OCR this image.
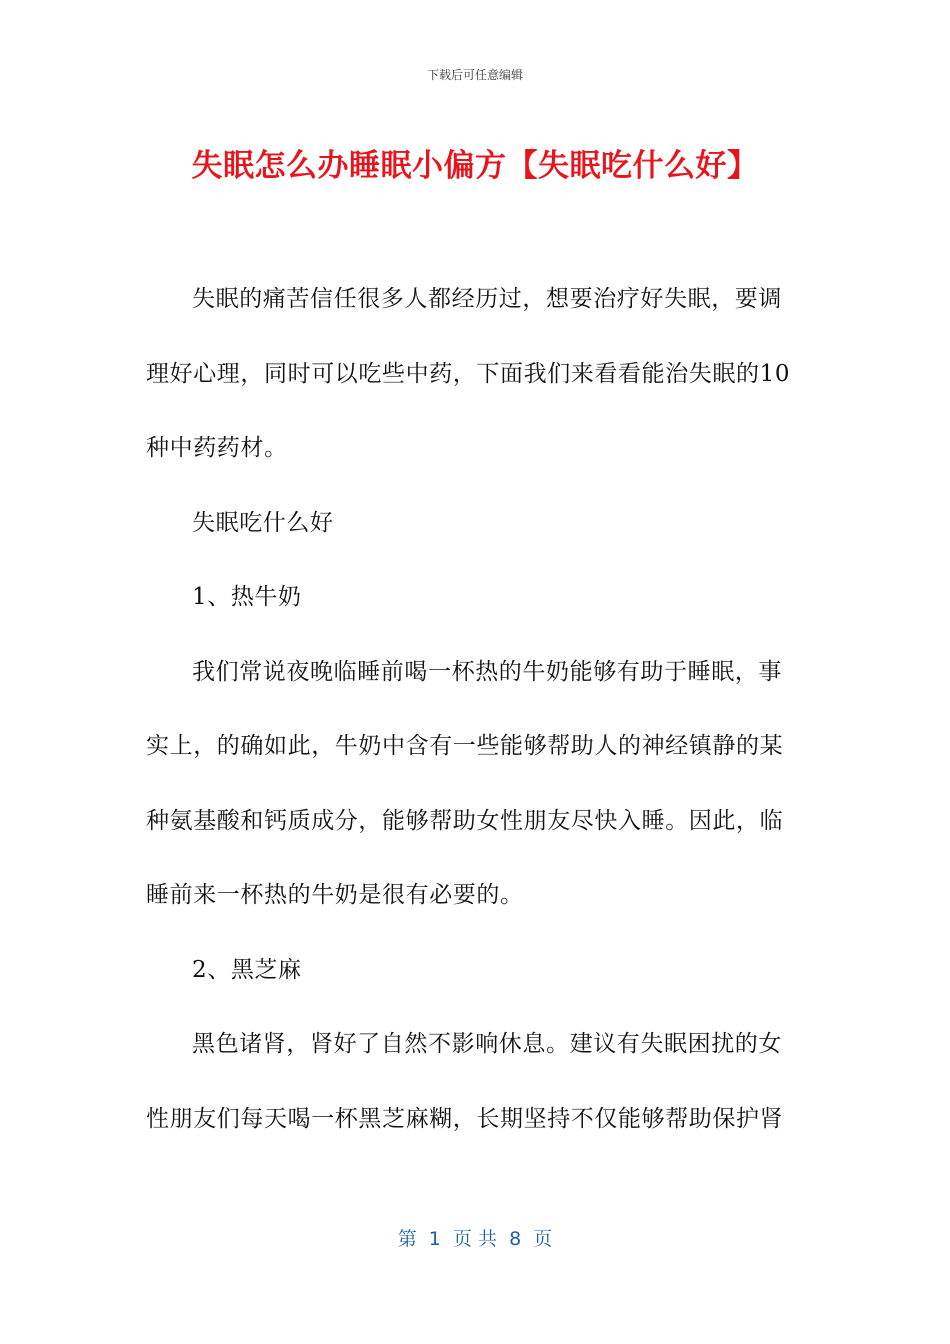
下载后可任意编辑
失眠怎么办睡眠小偏方【失眠吃什么好】

失眠的痛苦信任很多人都经历过，想要治疗好失眠，要调理好心理，同时可以吃些中药，下面我们来看看能治失眠的10种中药药材。

失眠吃什么好

1、热牛奶

我们常说夜晚临睡前喝一杯热的牛奶能够有助于睡眠，事实上，的确如此，牛奶中含有一些能够帮助人的神经镇静的某种氨基酸和钙质成分，能够帮助女性朋友尽快入睡。因此，临睡前来一杯热的牛奶是很有必要的。

2、黑芝麻

黑色诸肾，肾好了自然不影响休息。建议有失眠困扰的女性朋友们每天喝一杯黑芝麻糊，长期坚持不仅能够帮助保护肾

第  1  页 共  8  页
